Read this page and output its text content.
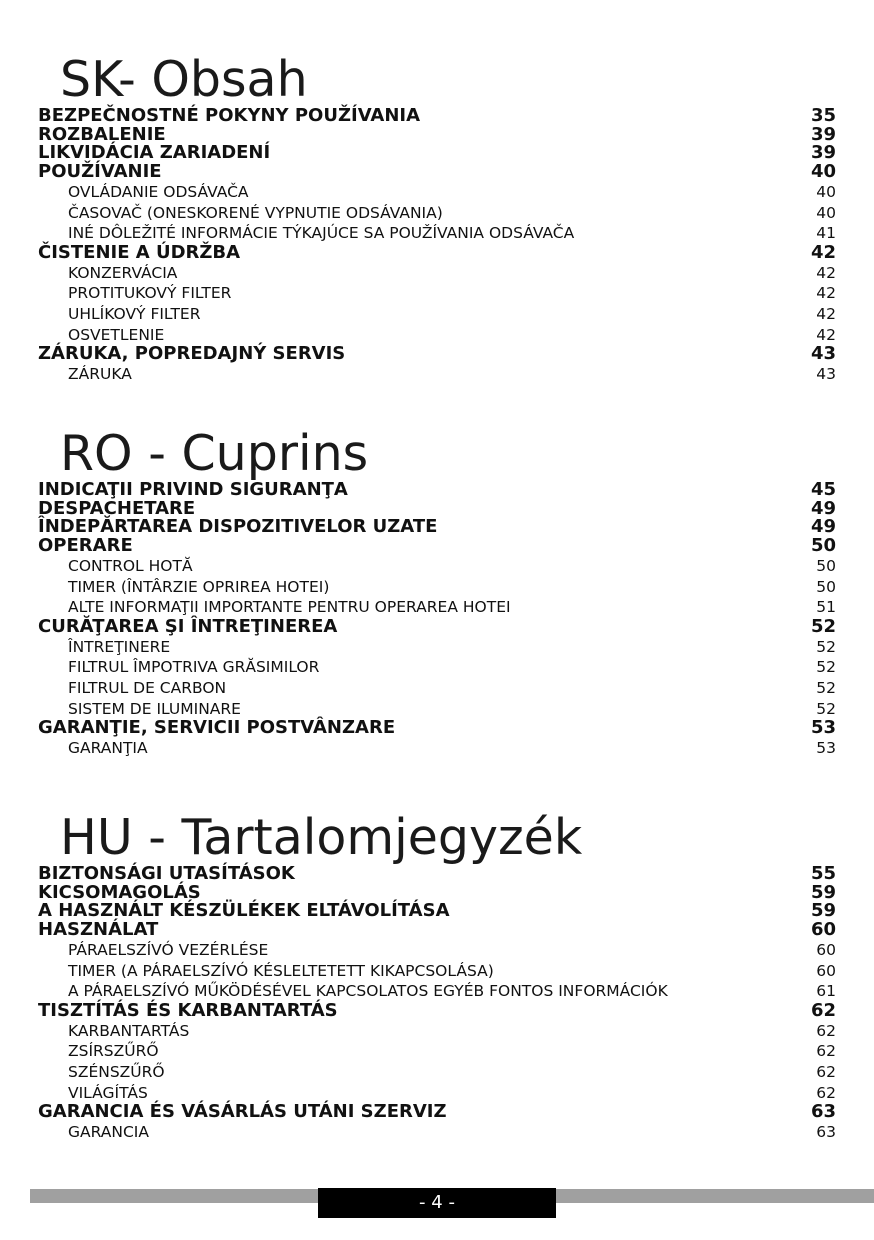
SK- Obsah
BEZPEČNOSTNÉ POKYNY POUŽÍVANIA	35
ROZBALENIE	39
LIKVIDÁCIA ZARIADENÍ	39
POUŽÍVANIE	40
OVLÁDANIE ODSÁVAČA	40
ČASOVAČ (ONESKORENÉ VYPNUTIE ODSÁVANIA)	40
INÉ DÔLEŽITÉ INFORMÁCIE TÝKAJÚCE SA POUŽÍVANIA ODSÁVAČA	41
ČISTENIE A ÚDRŽBA	42
KONZERVÁCIA	42
PROTITUKOVÝ FILTER	42
UHLÍKOVÝ FILTER	42
OSVETLENIE	42
ZÁRUKA, POPREDAJNÝ SERVIS	43
ZÁRUKA	43
RO - Cuprins
INDICAŢII PRIVIND SIGURANŢA	45
DESPACHETARE	49
ÎNDEPĂRTAREA DISPOZITIVELOR UZATE	49
OPERARE	50
CONTROL HOTĂ	50
TIMER (ÎNTÂRZIE OPRIREA HOTEI)	50
ALTE INFORMAŢII IMPORTANTE PENTRU OPERAREA HOTEI	51
CURĂŢAREA ŞI ÎNTREŢINEREA	52
ÎNTREŢINERE	52
FILTRUL ÎMPOTRIVA GRĂSIMILOR	52
FILTRUL DE CARBON	52
SISTEM DE ILUMINARE	52
GARANŢIE, SERVICII POSTVÂNZARE	53
GARANŢIA	53
HU - Tartalomjegyzék
BIZTONSÁGI UTASÍTÁSOK	55
KICSOMAGOLÁS	59
A HASZNÁLT KÉSZÜLÉKEK ELTÁVOLÍTÁSA	59
HASZNÁLAT	60
PÁRAELSZÍVÓ VEZÉRLÉSE	60
TIMER (A PÁRAELSZÍVÓ KÉSLELTETETT KIKAPCSOLÁSA)	60
A PÁRAELSZÍVÓ MŰKÖDÉSÉVEL KAPCSOLATOS EGYÉB FONTOS INFORMÁCIÓK	61
TISZTÍTÁS ÉS KARBANTARTÁS	62
KARBANTARTÁS	62
ZSÍRSZŰRŐ	62
SZÉNSZŰRŐ	62
VILÁGÍTÁS	62
GARANCIA ÉS VÁSÁRLÁS UTÁNI SZERVIZ	63
GARANCIA	63
- 4 -
